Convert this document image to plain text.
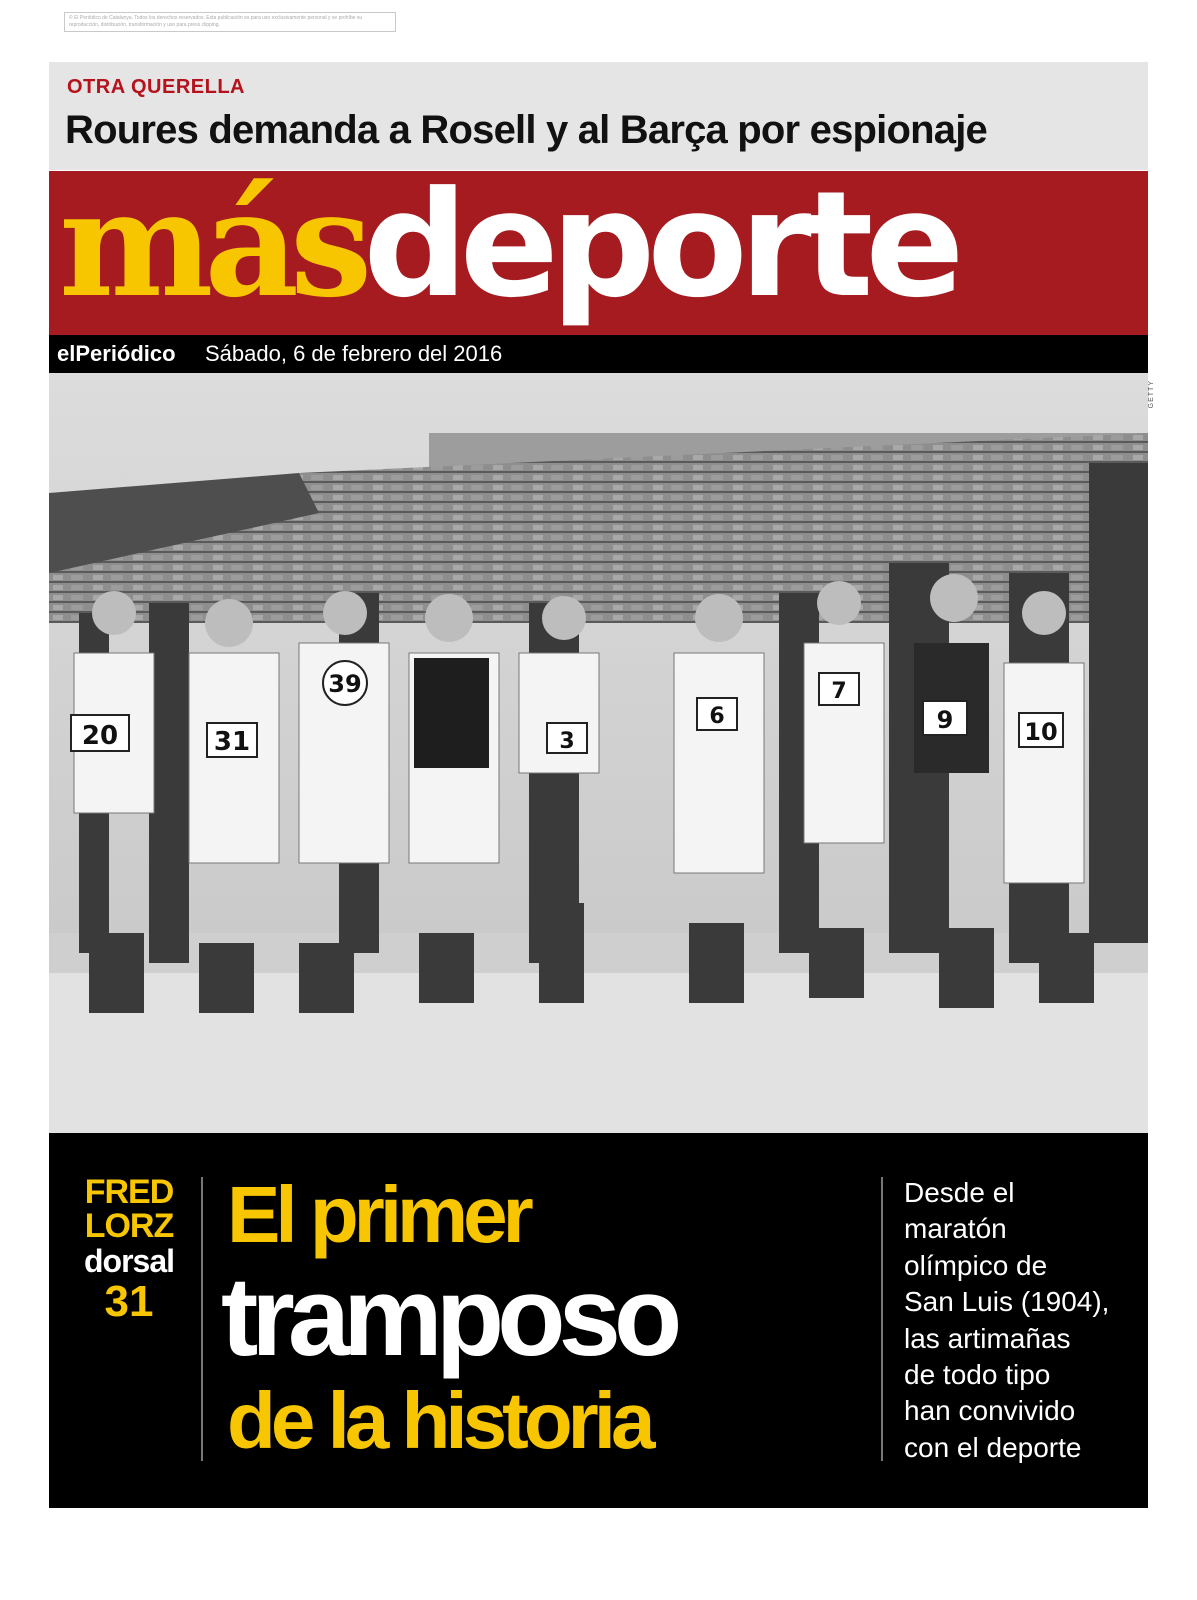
© El Periódico de Catalunya. Todos los derechos reservados. Esta publicación es para uso exclusivamente personal y se prohíbe su reproducción, distribución, transformación y uso para press clipping.
OTRA QUERELLA
Roures demanda a Rosell y al Barça por espionaje
másdeporte
elPeriódico Sábado, 6 de febrero del 2016
GETTY
20	31
39
3
6
7
9	10
FRED
LORZ
dorsal
31
El primer
tramposo
de la historia
Desde el
maratón
olímpico de
San Luis (1904),
las artimañas
de todo tipo
han convivido
con el deporte
